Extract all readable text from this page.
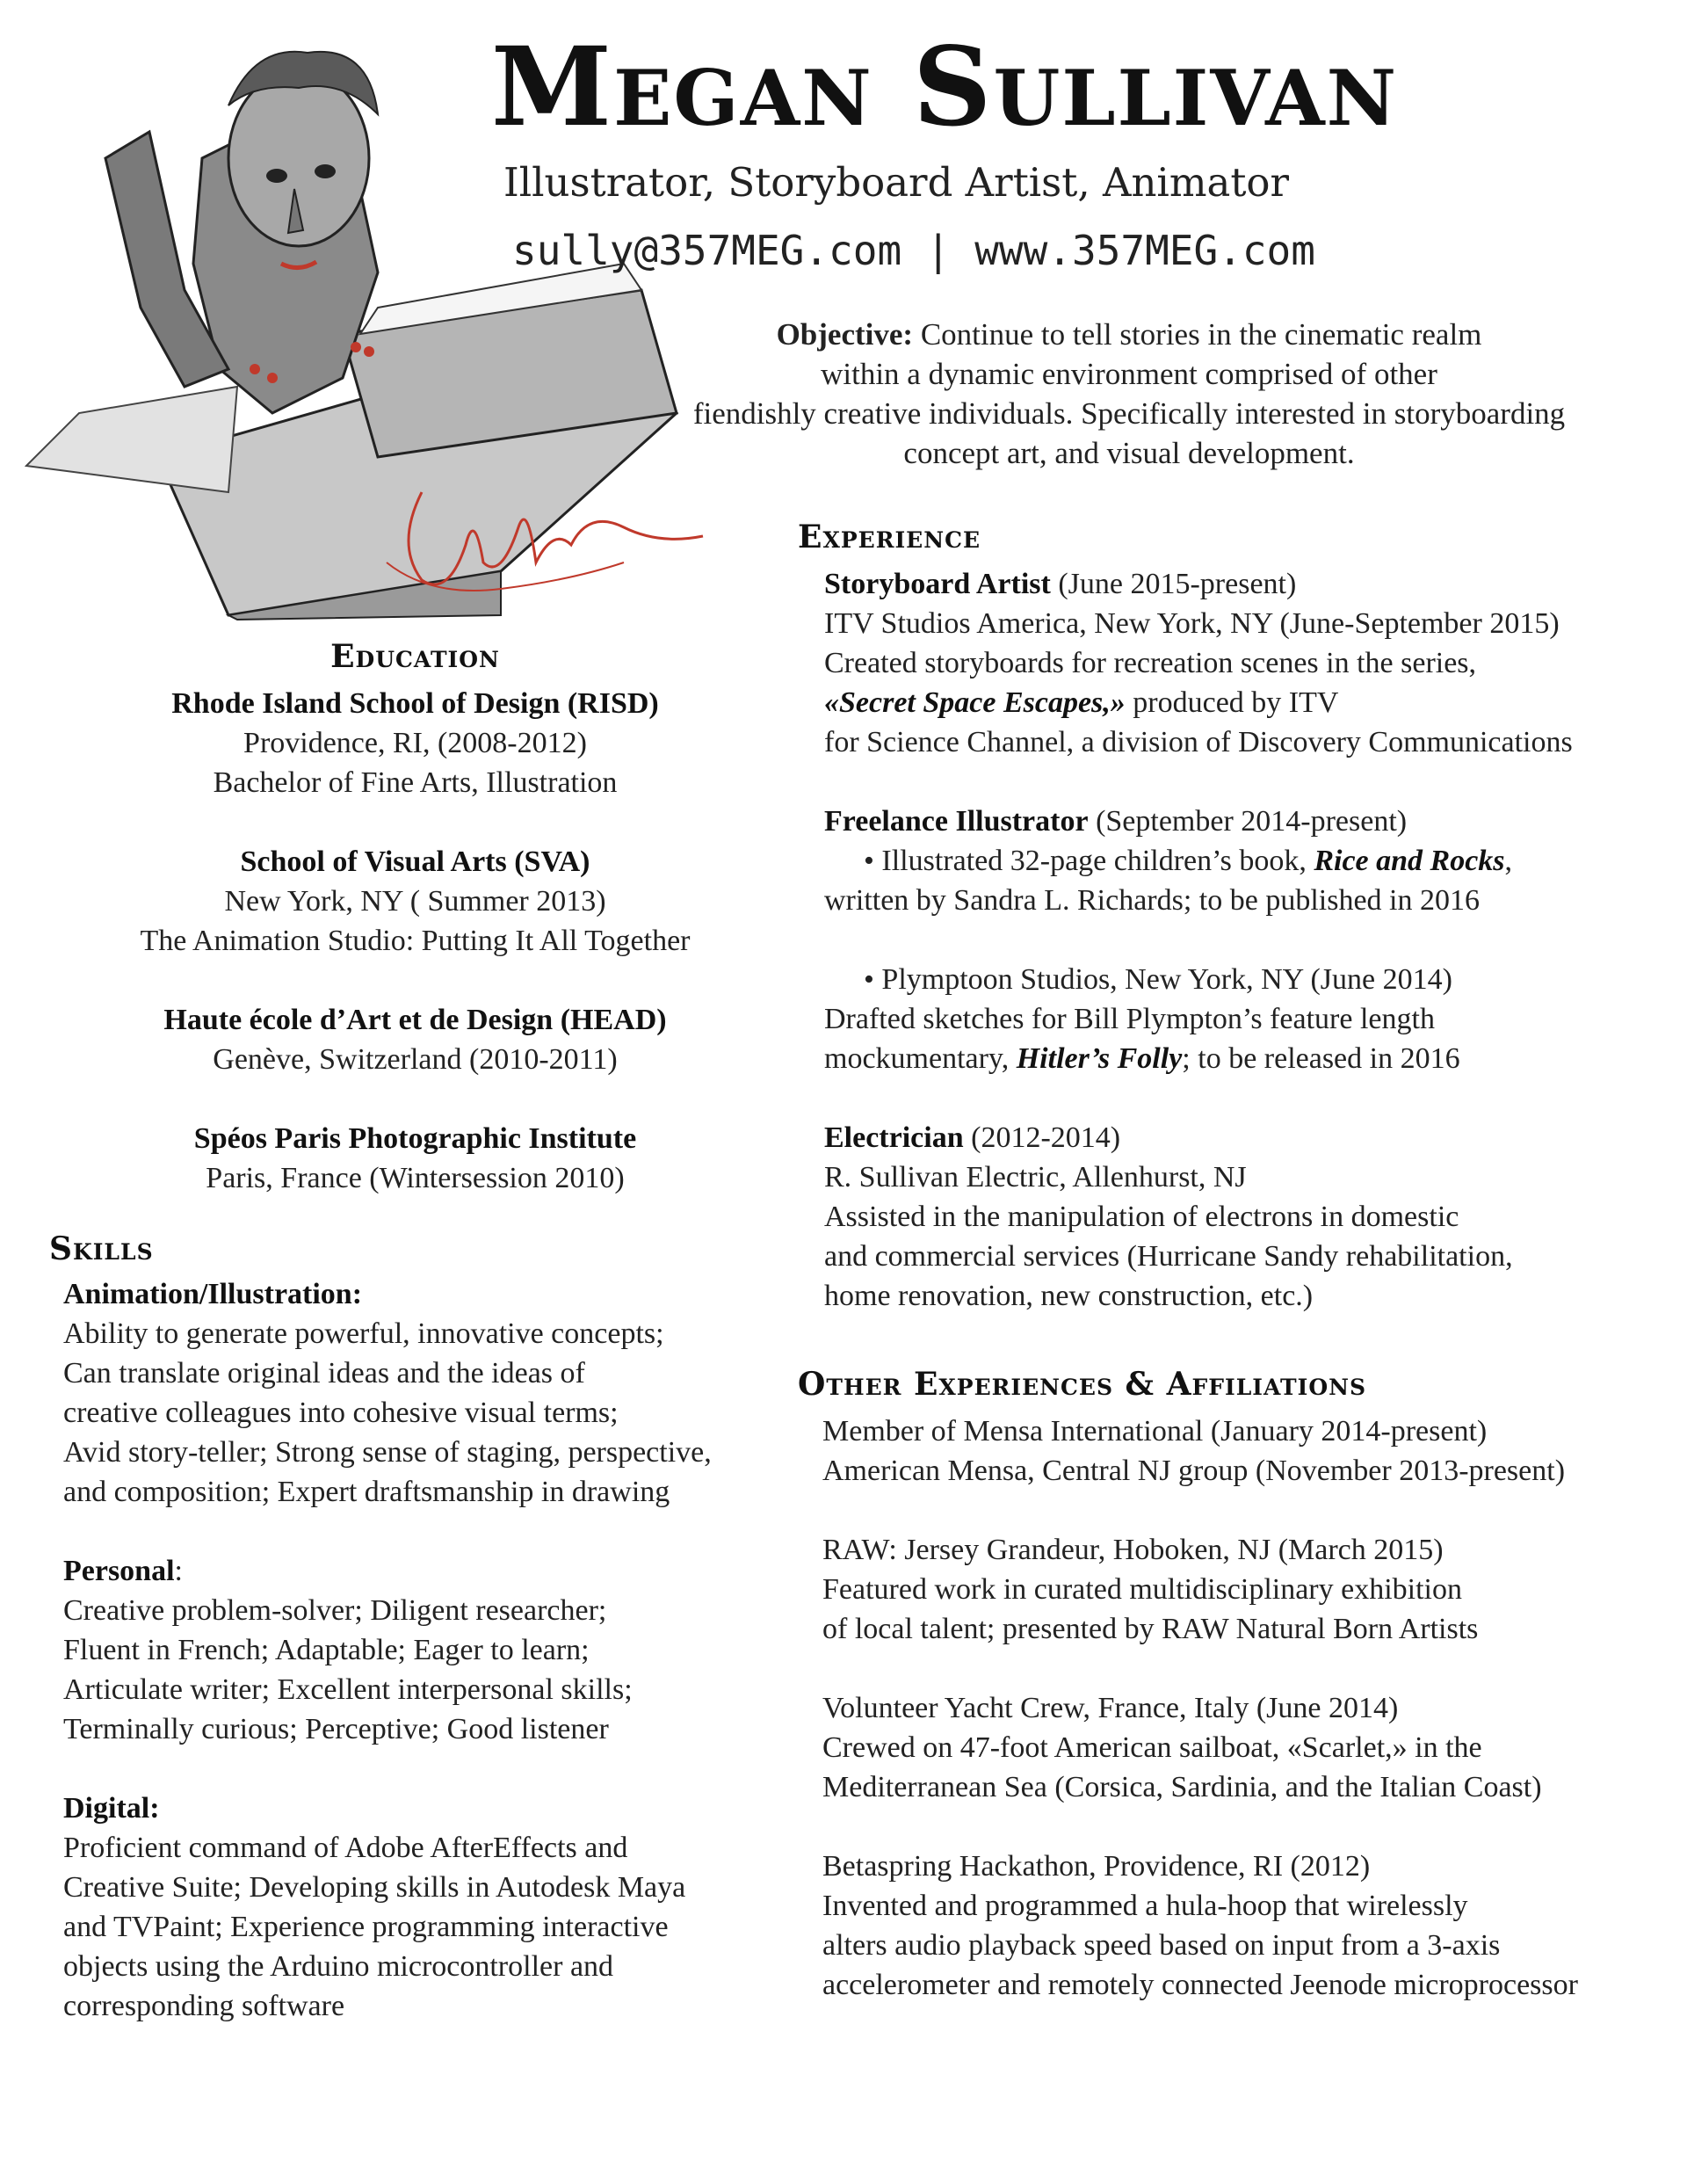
Megan Sullivan
Illustrator, Storyboard Artist, Animator
sully@357MEG.com | www.357MEG.com
Objective: Continue to tell stories in the cinematic realm
within a dynamic environment comprised of other
fiendishly creative individuals. Specifically interested in storyboarding
concept art, and visual development.
Education
Rhode Island School of Design (RISD)
Providence, RI, (2008-2012)
Bachelor of Fine Arts, Illustration
School of Visual Arts (SVA)
New York, NY ( Summer 2013)
The Animation Studio: Putting It All Together
Haute école d’Art et de Design (HEAD)
Genève, Switzerland (2010-2011)
Spéos Paris Photographic Institute
Paris, France (Wintersession 2010)
Skills
Animation/Illustration:
Ability to generate powerful, innovative concepts;
Can translate original ideas and the ideas of
creative colleagues into cohesive visual terms;
Avid story-teller; Strong sense of staging, perspective,
and composition; Expert draftsmanship in drawing
Personal:
Creative problem-solver; Diligent researcher;
Fluent in French; Adaptable; Eager to learn;
Articulate writer; Excellent interpersonal skills;
Terminally curious; Perceptive; Good listener
Digital:
Proficient command of Adobe AfterEffects and
Creative Suite; Developing skills in Autodesk Maya
and TVPaint; Experience programming interactive
objects using the Arduino microcontroller and
corresponding software
Experience
Storyboard Artist (June 2015-present)
ITV Studios America, New York, NY (June-September 2015)
Created storyboards for recreation scenes in the series,
«Secret Space Escapes,» produced by ITV
for Science Channel, a division of Discovery Communications
Freelance Illustrator (September 2014-present)
• Illustrated 32-page children’s book, Rice and Rocks,
written by Sandra L. Richards; to be published in 2016
• Plymptoon Studios, New York, NY (June 2014)
Drafted sketches for Bill Plympton’s feature length
mockumentary, Hitler’s Folly; to be released in 2016
Electrician (2012-2014)
R. Sullivan Electric, Allenhurst, NJ
Assisted in the manipulation of electrons in domestic
and commercial services (Hurricane Sandy rehabilitation,
home renovation, new construction, etc.)
Other Experiences & Affiliations
Member of Mensa International (January 2014-present)
American Mensa, Central NJ group (November 2013-present)
RAW: Jersey Grandeur, Hoboken, NJ (March 2015)
Featured work in curated multidisciplinary exhibition
of local talent; presented by RAW Natural Born Artists
Volunteer Yacht Crew, France, Italy (June 2014)
Crewed on 47-foot American sailboat, «Scarlet,» in the
Mediterranean Sea (Corsica, Sardinia, and the Italian Coast)
Betaspring Hackathon, Providence, RI (2012)
Invented and programmed a hula-hoop that wirelessly
alters audio playback speed based on input from a 3-axis
accelerometer and remotely connected Jeenode microprocessor
